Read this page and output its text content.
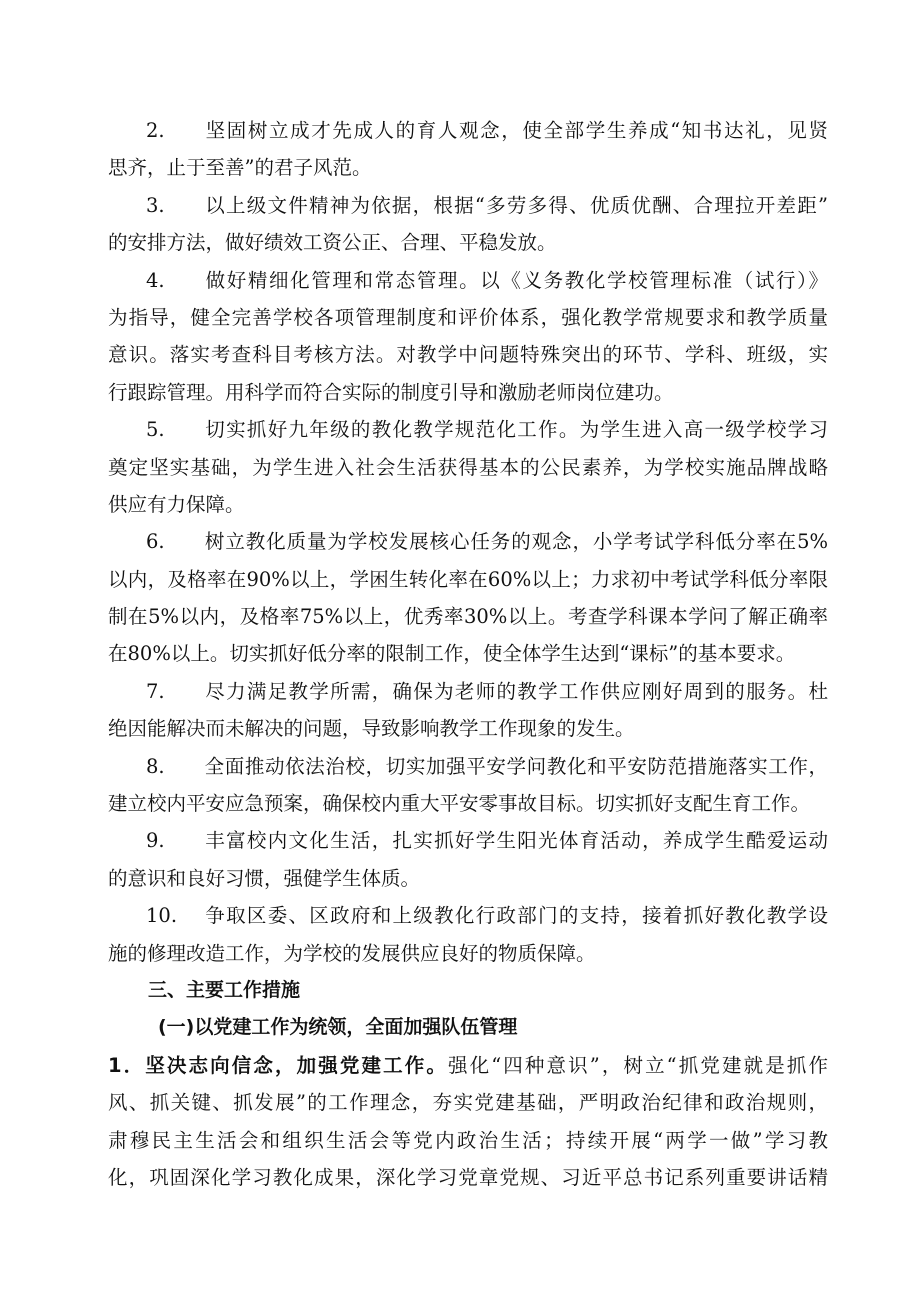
2. 坚固树立成才先成人的育人观念，使全部学生养成“知书达礼，见贤
思齐，止于至善”的君子风范。
3. 以上级文件精神为依据，根据“多劳多得、优质优酬、合理拉开差距”
的安排方法，做好绩效工资公正、合理、平稳发放。
4. 做好精细化管理和常态管理。以《义务教化学校管理标准（试行）》
为指导，健全完善学校各项管理制度和评价体系，强化教学常规要求和教学质量
意识。落实考查科目考核方法。对教学中问题特殊突出的环节、学科、班级，实
行跟踪管理。用科学而符合实际的制度引导和激励老师岗位建功。
5. 切实抓好九年级的教化教学规范化工作。为学生进入高一级学校学习
奠定坚实基础，为学生进入社会生活获得基本的公民素养，为学校实施品牌战略
供应有力保障。
6. 树立教化质量为学校发展核心任务的观念，小学考试学科低分率在5%
以内，及格率在90%以上，学困生转化率在60%以上；力求初中考试学科低分率限
制在5%以内，及格率75%以上，优秀率30%以上。考查学科课本学问了解正确率
在80%以上。切实抓好低分率的限制工作，使全体学生达到“课标”的基本要求。
7. 尽力满足教学所需，确保为老师的教学工作供应刚好周到的服务。杜
绝因能解决而未解决的问题，导致影响教学工作现象的发生。
8. 全面推动依法治校，切实加强平安学问教化和平安防范措施落实工作，
建立校内平安应急预案，确保校内重大平安零事故目标。切实抓好支配生育工作。
9. 丰富校内文化生活，扎实抓好学生阳光体育活动，养成学生酷爱运动
的意识和良好习惯，强健学生体质。
10. 争取区委、区政府和上级教化行政部门的支持，接着抓好教化教学设
施的修理改造工作，为学校的发展供应良好的物质保障。
三、主要工作措施
(一)以党建工作为统领，全面加强队伍管理
1．坚决志向信念，加强党建工作。强化“四种意识”，树立“抓党建就是抓作
风、抓关键、抓发展”的工作理念，夯实党建基础，严明政治纪律和政治规则，
肃穆民主生活会和组织生活会等党内政治生活；持续开展“两学一做”学习教
化，巩固深化学习教化成果，深化学习党章党规、习近平总书记系列重要讲话精
